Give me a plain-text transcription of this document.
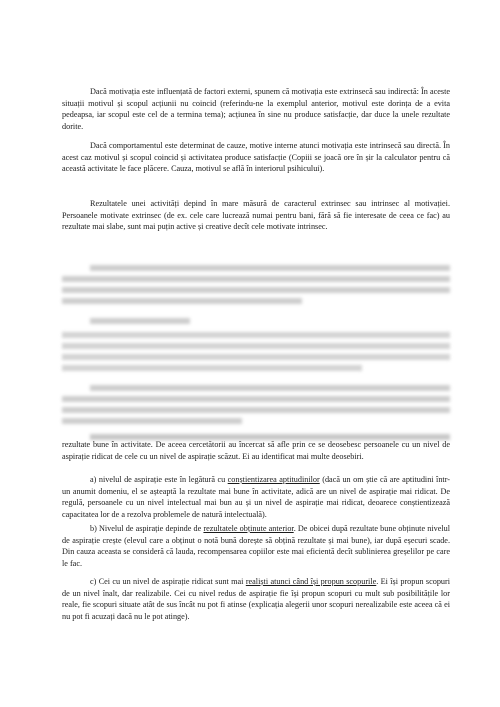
Dacă motivația este influențată de factori externi, spunem că motivația este extrinsecă sau indirectă: În aceste situații motivul și scopul acțiunii nu coincid (referindu-ne la exemplul anterior, motivul este dorința de a evita pedeapsa, iar scopul este cel de a termina tema); acțiunea în sine nu produce satisfacție, dar duce la unele rezultate dorite.

Dacă comportamentul este determinat de cauze, motive interne atunci motivația este intrinsecă sau directă. În acest caz motivul și scopul coincid și activitatea produce satisfacție (Copiii se joacă ore în șir la calculator pentru că această activitate le face plăcere. Cauza, motivul se află în interiorul psihicului).

Rezultatele unei activități depind în mare măsură de caracterul extrinsec sau intrinsec al motivației. Persoanele motivate extrinsec (de ex. cele care lucrează numai pentru bani, fără să fie interesate de ceea ce fac) au rezultate mai slabe, sunt mai puțin active și creative decît cele motivate intrinsec.

rezultate bune în activitate. De aceea cercetătorii au încercat să afle prin ce se deosebesc persoanele cu un nivel de aspirație ridicat de cele cu un nivel de aspirație scăzut. Ei au identificat mai multe deosebiri.

a) nivelul de aspirație este în legătură cu conștientizarea aptitudinilor (dacă un om știe că are aptitudini într-un anumit domeniu, el se așteaptă la rezultate mai bune în activitate, adică are un nivel de aspirație mai ridicat. De regulă, persoanele cu un nivel intelectual mai bun au și un nivel de aspirație mai ridicat, deoarece conștientizează capacitatea lor de a rezolva problemele de natură intelectuală).

b) Nivelul de aspirație depinde de rezultatele obținute anterior. De obicei după rezultate bune obținute nivelul de aspirație crește (elevul care a obținut o notă bună dorește să obțină rezultate și mai bune), iar după eșecuri scade. Din cauza aceasta se consideră că lauda, recompensarea copiilor este mai eficientă decît sublinierea greșelilor pe care le fac.

c) Cei cu un nivel de aspirație ridicat sunt mai realiști atunci când își propun scopurile. Ei își propun scopuri de un nivel înalt, dar realizabile. Cei cu nivel redus de aspirație fie își propun scopuri cu mult sub posibilitățile lor reale, fie scopuri situate atât de sus încât nu pot fi atinse (explicația alegerii unor scopuri nerealizabile este aceea că ei nu pot fi acuzați dacă nu le pot atinge).
